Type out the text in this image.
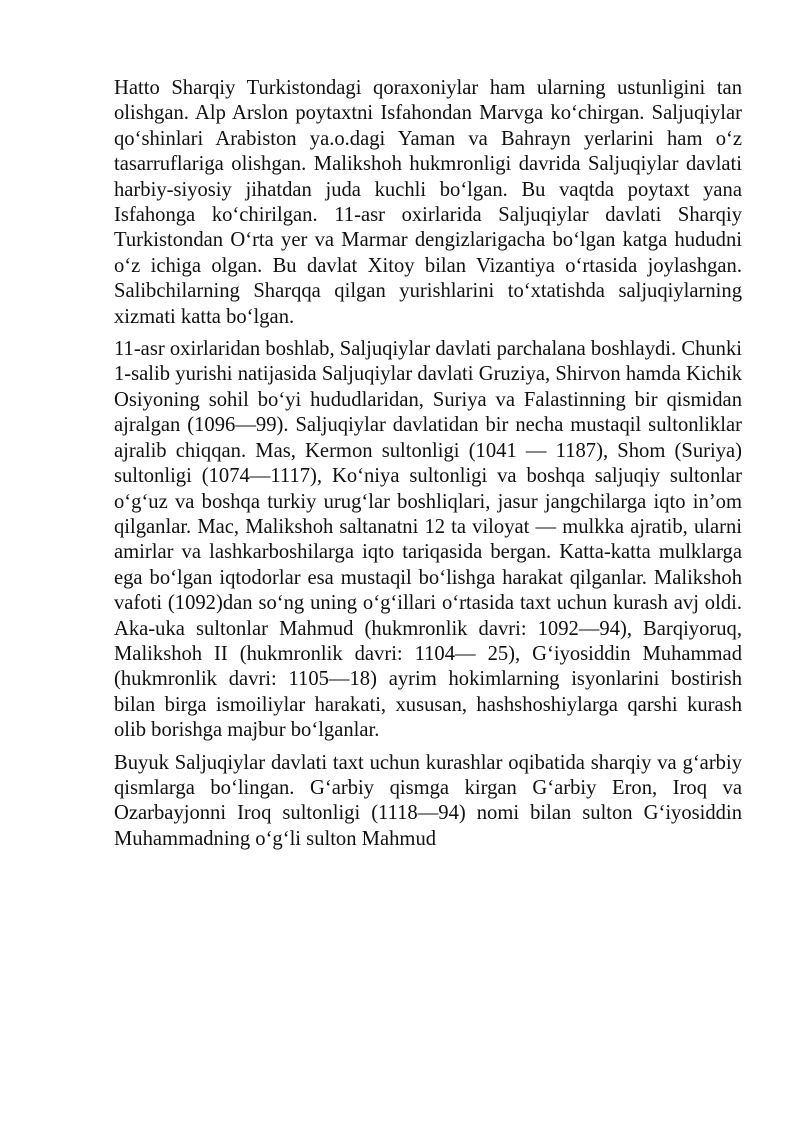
Hatto Sharqiy Turkistondagi qoraxoniylar ham ularning ustunligini tan olishgan. Alp Arslon poytaxtni Isfahondan Marvga ko‘chirgan. Saljuqiylar qo‘shinlari Arabiston ya.o.dagi Yaman va Bahrayn yerlarini ham o‘z tasarruflariga olishgan. Malikshoh hukmronligi davrida Saljuqiylar davlati harbiy-siyosiy jihatdan juda kuchli bo‘lgan. Bu vaqtda poytaxt yana Isfahonga ko‘chirilgan. 11-asr oxirlarida Saljuqiylar davlati Sharqiy Turkistondan O‘rta yer va Marmar dengizlarigacha bo‘lgan katga hududni o‘z ichiga olgan. Bu davlat Xitoy bilan Vizantiya o‘rtasida joylashgan. Salibchilarning Sharqqa qilgan yurishlarini to‘xtatishda saljuqiylarning xizmati katta bo‘lgan.

11-asr oxirlaridan boshlab, Saljuqiylar davlati parchalana boshlaydi. Chunki 1-salib yurishi natijasida Saljuqiylar davlati Gruziya, Shirvon hamda Kichik Osiyoning sohil bo‘yi hududlaridan, Suriya va Falastinning bir qismidan ajralgan (1096—99). Saljuqiylar davlatidan bir necha mustaqil sultonliklar ajralib chiqqan. Mas, Kermon sultonligi (1041 — 1187), Shom (Suriya) sultonligi (1074—1117), Ko‘niya sultonligi va boshqa saljuqiy sultonlar o‘g‘uz va boshqa turkiy urug‘lar boshliqlari, jasur jangchilarga iqto in’om qilganlar. Mac, Malikshoh saltanatni 12 ta viloyat — mulkka ajratib, ularni amirlar va lashkarboshilarga iqto tariqasida bergan. Katta-katta mulklarga ega bo‘lgan iqtodorlar esa mustaqil bo‘lishga harakat qilganlar. Malikshoh vafoti (1092)dan so‘ng uning o‘g‘illari o‘rtasida taxt uchun kurash avj oldi. Aka-uka sultonlar Mahmud (hukmronlik davri: 1092—94), Barqiyoruq, Malikshoh II (hukmronlik davri: 1104— 25), G‘iyosiddin Muhammad (hukmronlik davri: 1105—18) ayrim hokimlarning isyonlarini bostirish bilan birga ismoiliylar harakati, xususan, hashshoshiylarga qarshi kurash olib borishga majbur bo‘lganlar.

Buyuk Saljuqiylar davlati taxt uchun kurashlar oqibatida sharqiy va g‘arbiy qismlarga bo‘lingan. G‘arbiy qismga kirgan G‘arbiy Eron, Iroq va Ozarbayjonni Iroq sultonligi (1118—94) nomi bilan sulton G‘iyosiddin Muhammadning o‘g‘li sulton Mahmud
